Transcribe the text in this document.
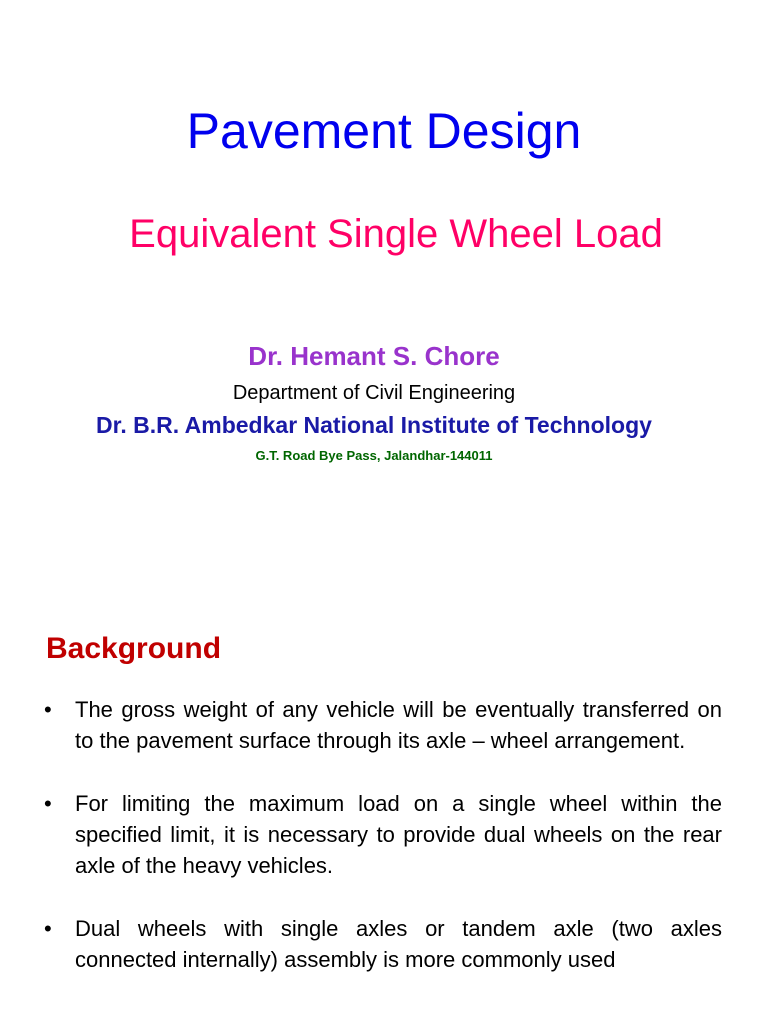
Pavement Design
Equivalent Single Wheel Load
Dr. Hemant S. Chore
Department of Civil Engineering
Dr. B.R. Ambedkar National Institute of Technology
G.T. Road Bye Pass, Jalandhar-144011
Background
• The gross weight of any vehicle will be eventually transferred on to the pavement surface through its axle – wheel arrangement.
• For limiting the maximum load on a single wheel within the specified limit, it is necessary to provide dual wheels on the rear axle of the heavy vehicles.
• Dual wheels with single axles or tandem axle (two axles connected internally) assembly is more commonly used
